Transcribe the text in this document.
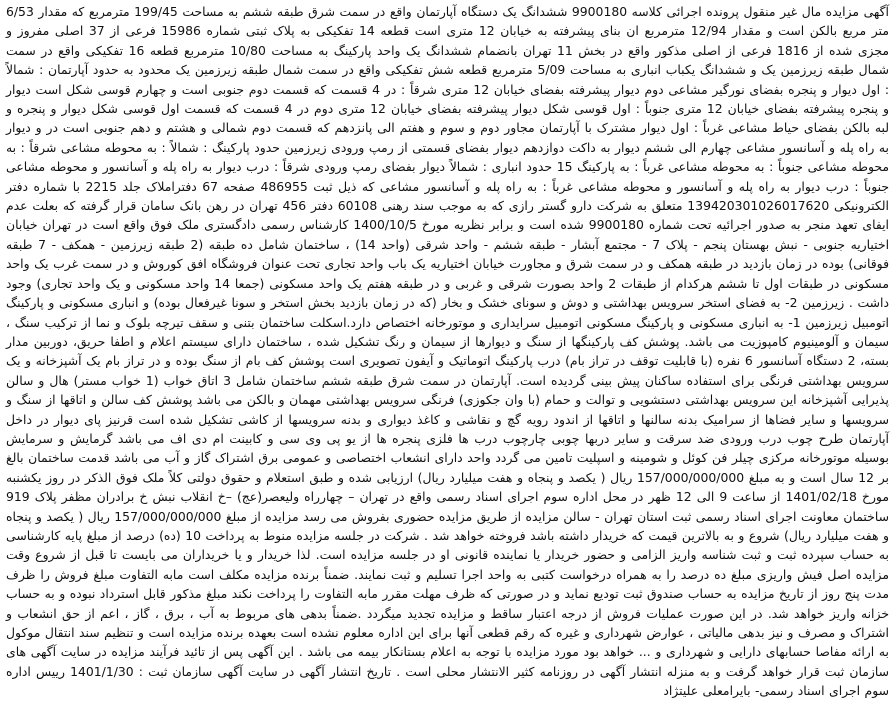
آگهی مزایده مال غیر منقول پرونده اجرائی کلاسه 9900180 ششدانگ یک دستگاه آپارتمان واقع در سمت شرق طبقه ششم به مساحت 199/45 مترمربع که مقدار 6/53 متر مربع بالکن است و مقدار 12/94 مترمربع ان بنای پیشرفته به خیابان 12 متری است قطعه 14 تفکیکی به پلاک ثبتی شماره 15986 فرعی از 37 اصلی مفروز و مجزی شده از 1816 فرعی از اصلی مذکور واقع در بخش 11 تهران بانضمام ششدانگ یک واحد پارکینگ به مساحت 10/80 مترمربع قطعه 16 تفکیکی واقع در سمت شمال طبقه زیرزمین یک و ششدانگ یکباب انباری به مساحت 5/09 مترمربع قطعه شش تفکیکی واقع در سمت شمال طبقه زیرزمین یک محدود به حدود آپارتمان : شمالاً : اول دیوار و پنجره بفضای نورگیر مشاعی دوم دیوار پیشرفته بفضای خیابان 12 متری شرقاً : در 4 قسمت که قسمت دوم جنوبی است و چهارم قوسی شکل است دیوار و پنجره پیشرفته بفضای خیابان 12 متری جنوباً : اول قوسی شکل دیوار پیشرفته بفضای خیابان 12 متری دوم در 4 قسمت که قسمت اول قوسی شکل دیوار و پنجره و لبه بالکن بفضای حیاط مشاعی غرباً : اول دیوار مشترک با آپارتمان مجاور دوم و سوم و هفتم الی پانزدهم که قسمت دوم شمالی و هشتم و دهم جنوبی است در و دیوار به راه پله و آسانسور مشاعی چهارم الی ششم دیوار به داکت دوازدهم دیوار بفضای قسمتی از رمپ ورودی زیرزمین حدود پارکینگ : شمالاً : به محوطه مشاعی شرقاً : به محوطه مشاعی جنوباً : به محوطه مشاعی غرباً : به پارکینگ 15 حدود انباری : شمالاً دیوار بفضای رمپ ورودی شرقاً : درب دیوار به راه پله و آسانسور و محوطه مشاعی جنوباً : درب دیوار به راه پله و آسانسور و محوطه مشاعی غرباً : به راه پله و آسانسور مشاعی که ذیل ثبت 486955 صفحه 67 دفتراملاک جلد 2215 با شماره دفتر الکترونیکی 139420301026017620 متعلق به شرکت دارو گستر رازی که به موجب سند رهنی 60108 دفتر 456 تهران در رهن بانک سامان قرار گرفته که بعلت عدم ایفای تعهد منجر به صدور اجرائیه تحت شماره 9900180 شده است و برابر نظریه مورخ 1400/10/5 کارشناس رسمی دادگستری ملک فوق واقع است در تهران خیابان اختیاریه جنوبی - نبش بهستان پنجم - پلاک 7 - مجتمع آبشار - طبقه ششم - واحد شرقی (واحد 14) ، ساختمان شامل ده طبقه (2 طبقه زیرزمین - همکف - 7 طبقه فوقانی) بوده در زمان بازدید در طبقه همکف و در سمت شرق و مجاورت خیابان اختیاریه یک باب واحد تجاری تحت عنوان فروشگاه افق کوروش و در سمت غرب یک واحد مسکونی در طبقات اول تا ششم هرکدام از طبقات 2 واحد بصورت شرقی و غربی و در طبقه هفتم یک واحد مسکونی (جمعا 14 واحد مسکونی و یک واحد تجاری) وجود داشت . زیرزمین 2- به فضای استخر سرویس بهداشتی و دوش و سونای خشک و بخار (که در زمان بازدید بخش استخر و سونا غیرفعال بوده) و انباری مسکونی و پارکینگ اتومبیل زیرزمین 1- به انباری مسکونی و پارکینگ مسکونی اتومبیل سرایداری و موتورخانه اختصاص دارد.اسکلت ساختمان بتنی و سقف تیرچه بلوک و نما از ترکیب سنگ ، سیمان و آلومینیوم کامپوزیت می باشد. پوشش کف پارکینگها از سنگ و دیوارها از سیمان و رنگ تشکیل شده ، ساختمان دارای سیستم اعلام و اطفا حریق، دوربین مدار بسته، 2 دستگاه آسانسور 6 نفره (با قابلیت توقف در تراز بام) درب پارکینگ اتوماتیک و آیفون تصویری است پوشش کف بام از سنگ بوده و در تراز بام یک آشپزخانه و یک سرویس بهداشتی فرنگی برای استفاده ساکنان پیش بینی گردیده است. آپارتمان در سمت شرق طبقه ششم ساختمان شامل 3 اتاق خواب (1 خواب مستر) هال و سالن پذیرایی آشپزخانه این سرویس بهداشتی دستشویی و توالت و حمام (با وان جکوزی) فرنگی سرویس بهداشتی مهمان و بالکن می باشد پوشش کف سالن و اتاقها از سنگ و سرویسها و سایر فضاها از سرامیک بدنه سالنها و اتاقها از اندود رویه گچ و نقاشی و کاغذ دیواری و بدنه سرویسها از کاشی تشکیل شده است قرنیز پای دیوار در داخل آپارتمان طرح چوب درب ورودی ضد سرقت و سایر دربها چوبی چارچوب درب ها فلزی پنجره ها از یو پی وی سی و کابینت ام دی اف می باشد گرمایش و سرمایش بوسیله موتورخانه مرکزی چیلر فن کوئل و شومینه و اسپلیت تامین می گردد واحد دارای انشعاب اختصاصی و عمومی برق اشتراک گاز و آب می باشد قدمت ساختمان بالغ بر 12 سال است و به مبلغ 157/000/000/000 ریال ( یکصد و پنجاه و هفت میلیارد ریال) ارزیابی شده و طبق استعلام و حقوق دولتی کلاً ملک فوق الذکر در روز یکشنبه مورخ 1401/02/18 از ساعت 9 الی 12 ظهر در محل اداره سوم اجرای اسناد رسمی واقع در تهران – چهارراه ولیعصر(عج) –خ انقلاب نبش خ برادران مظفر پلاک 919 ساختمان معاونت اجرای اسناد رسمی ثبت استان تهران - سالن مزایده از طریق مزایده حضوری بفروش می رسد مزایده از مبلغ 157/000/000/000 ریال ( یکصد و پنجاه و هفت میلیارد ریال) شروع و به بالاترین قیمت که خریدار داشته باشد فروخته خواهد شد . شرکت در جلسه مزایده منوط به پرداخت 10 (ده) درصد از مبلغ پایه کارشناسی به حساب سپرده ثبت و ثبت شناسه واریز الزامی و حضور خریدار یا نماینده قانونی او در جلسه مزایده است. لذا خریدار و یا خریداران می بایست تا قبل از شروع وقت مزایده اصل فیش واریزی مبلغ ده درصد را به همراه درخواست کتبی به واحد اجرا تسلیم و ثبت نمایند. ضمناً برنده مزایده مکلف است مابه التفاوت مبلغ فروش را ظرف مدت پنج روز از تاریخ مزایده به حساب صندوق ثبت تودیع نماید و در صورتی که ظرف مهلت مقرر مابه التفاوت را پرداخت نکند مبلغ مذکور قابل استرداد نبوده و به حساب خزانه واریز خواهد شد. در این صورت عملیات فروش از درجه اعتبار ساقط و مزایده تجدید میگردد .ضمناً بدهی های مربوط به آب ، برق ، گاز ، اعم از حق انشعاب و اشتراک و مصرف و نیز بدهی مالیاتی ، عوارض شهرداری و غیره که رقم قطعی آنها برای این اداره معلوم نشده است بعهده برنده مزایده است و تنظیم سند انتقال موکول به ارائه مفاصا حسابهای دارایی و شهرداری و ... خواهد بود مورد مزایده با توجه به اعلام بستانکار بیمه می باشد . این آگهی پس از تائید فرآیند مزایده در سایت آگهی های سازمان ثبت قرار خواهد گرفت و به منزله انتشار آگهی در روزنامه کثیر الانتشار محلی است . تاریخ انتشار آگهی در سایت آگهی سازمان ثبت : 1401/1/30 رییس اداره سوم اجرای اسناد رسمی- بایرامعلی علیتژاد
